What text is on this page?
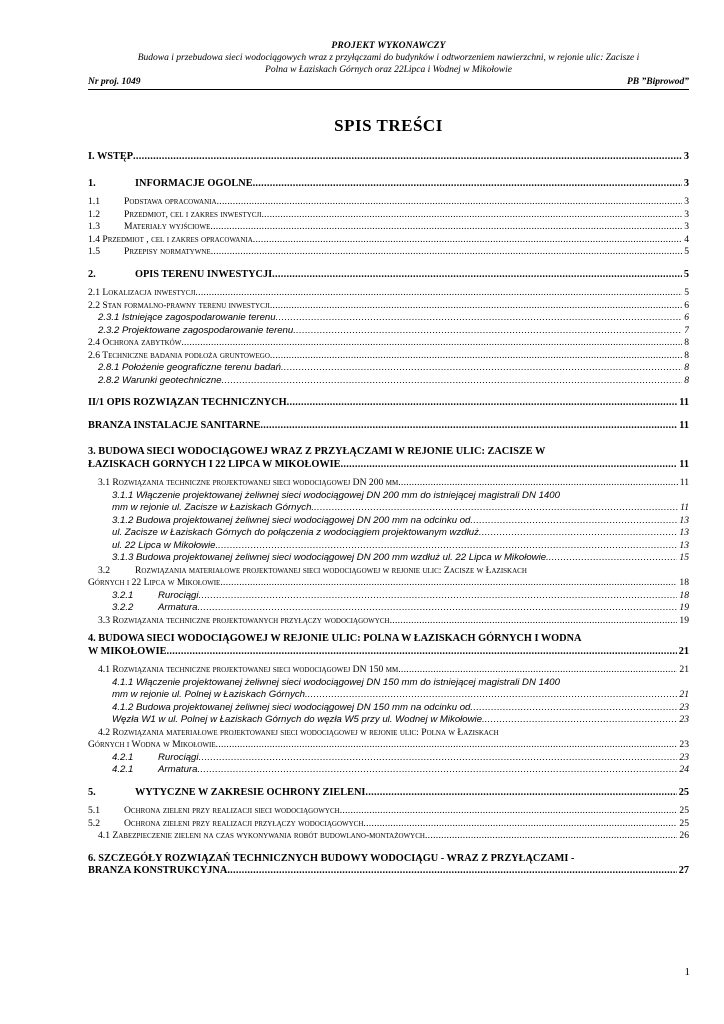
PROJEKT WYKONAWCZY
Budowa i przebudowa sieci wodociągowych wraz z przyłączami do budynków i odtworzeniem nawierzchni, w rejonie ulic: Zacisze i
Polna w Łaziskach Górnych oraz 22Lipca i Wodnej w Mikołowie
Nr proj. 1049	PB ”Biprowod”
SPIS TREŚCI
I. WSTĘP .....	3
1.	INFORMACJE OGÓLNE .....	3
1.1	Podstawa opracowania .....	3
1.2	Przedmiot, cel i zakres inwestycji .....	3
1.3	Materiały wyjściowe .....	3
1.4 Przedmiot , cel i zakres opracowania .....	4
1.5	Przepisy normatywne .....	5
2.	OPIS TERENU INWESTYCJI .....	5
2.1 Lokalizacja inwestycji .....	5
2.2 Stan formalno-prawny terenu inwestycji .....	6
2.3.1 Istniejące zagospodarowanie terenu .....	6
2.3.2 Projektowane zagospodarowanie terenu .....	7
2.4 Ochrona zabytków .....	8
2.6 Techniczne badania podłoża gruntowego .....	8
2.8.1 Położenie geograficzne terenu badań .....	8
2.8.2 Warunki geotechniczne .....	8
II/1 OPIS ROZWIĄZAŃ TECHNICZNYCH .....	11
BRANŻA INSTALACJE SANITARNE .....	11
3. BUDOWA SIECI WODOCIĄGOWEJ WRAZ Z PRZYŁĄCZAMI W REJONIE ULIC: ZACISZE W
ŁAZISKACH GÓRNYCH I 22 LIPCA W MIKOŁOWIE .....	11
3.1 Rozwiązania techniczne projektowanej sieci wodociągowej DN 200 mm .....	11
3.1.1 Włączenie projektowanej żeliwnej sieci wodociągowej DN 200 mm do istniejącej magistrali DN 1400
mm w rejonie ul. Zacisze w Łaziskach Górnych. .....	11
3.1.2 Budowa projektowanej żeliwnej sieci wodociągowej DN 200 mm na odcinku od .....	13
ul. Zacisze w Łaziskach Górnych do połączenia z wodociągiem projektowanym wzdłuż .....	13
ul. 22 Lipca w Mikołowie. .....	13
3.1.3 Budowa projektowanej żeliwnej sieci wodociągowej DN 200 mm wzdłuż ul. 22 Lipca w Mikołowie. .....	15
3.2	Rozwiązania materiałowe projektowanej sieci wodociągowej w rejonie ulic: Zacisze w Łaziskach
Górnych i 22 Lipca w Mikołowie .....	18
3.2.1	Rurociągi .....	18
3.2.2	Armatura .....	19
3.3 Rozwiązania techniczne projektowanych przyłączy wodociągowych .....	19
4. BUDOWA SIECI WODOCIĄGOWEJ W REJONIE ULIC: POLNA W ŁAZISKACH GÓRNYCH I WODNA
W MIKOŁOWIE .....	21
4.1 Rozwiązania techniczne projektowanej sieci wodociągowej DN 150 mm .....	21
4.1.1 Włączenie projektowanej żeliwnej sieci wodociągowej DN 150 mm do istniejącej magistrali DN 1400
mm w rejonie ul. Polnej w Łaziskach Górnych. .....	21
4.1.2 Budowa projektowanej żeliwnej sieci wodociągowej DN 150 mm na odcinku od .....	23
Węzła W1 w ul. Polnej w Łaziskach Górnych do węzła W5 przy ul. Wodnej w Mikołowie. .....	23
4.2 Rozwiązania materiałowe projektowanej sieci wodociągowej w rejonie ulic: Polna w Łaziskach
Górnych i Wodna w Mikołowie .....	23
4.2.1	Rurociągi .....	23
4.2.1	Armatura .....	24
5.	WYTYCZNE W ZAKRESIE OCHRONY ZIELENI .....	25
5.1	Ochrona zieleni przy realizacji sieci wodociągowych .....	25
5.2	Ochrona zieleni przy realizacji przyłączy wodociągowych .....	25
4.1 Zabezpieczenie zieleni na czas wykonywania robót budowlano-montażowych .....	26
6. SZCZEGÓŁY ROZWIĄZAŃ TECHNICZNYCH BUDOWY WODOCIĄGU - WRAZ Z PRZYŁĄCZAMI -
BRANŻA KONSTRUKCYJNA .....	27
1
